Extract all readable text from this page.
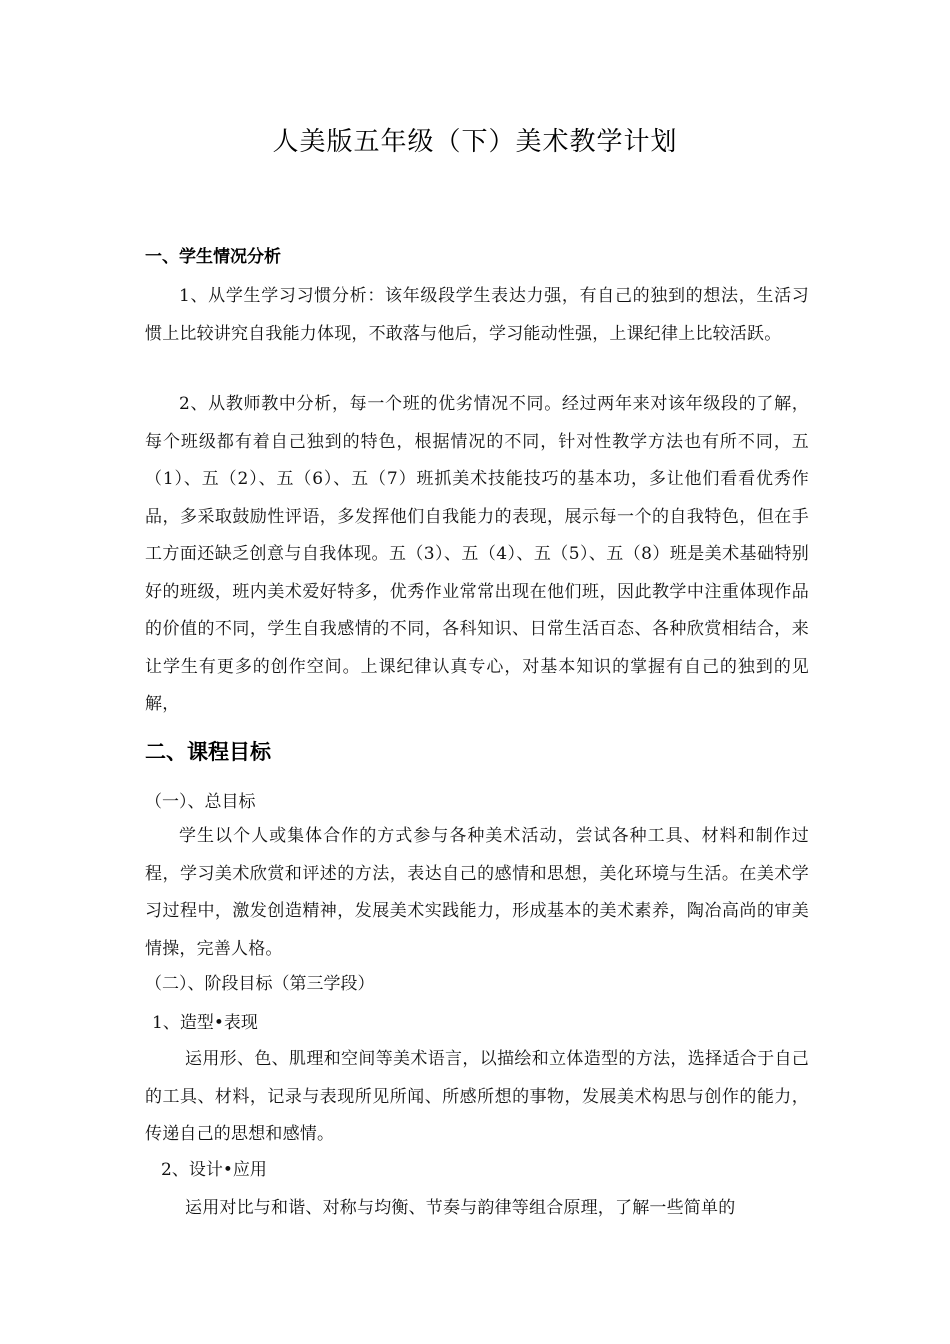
人美版五年级（下）美术教学计划
一、学生情况分析
1、从学生学习习惯分析：该年级段学生表达力强，有自己的独到的想法，生活习惯上比较讲究自我能力体现，不敢落与他后，学习能动性强，上课纪律上比较活跃。
2、从教师教中分析，每一个班的优劣情况不同。经过两年来对该年级段的了解，每个班级都有着自己独到的特色，根据情况的不同，针对性教学方法也有所不同，五（1）、五（2）、五（6）、五（7）班抓美术技能技巧的基本功，多让他们看看优秀作品，多采取鼓励性评语，多发挥他们自我能力的表现，展示每一个的自我特色，但在手工方面还缺乏创意与自我体现。五（3）、五（4）、五（5）、五（8）班是美术基础特别好的班级，班内美术爱好特多，优秀作业常常出现在他们班，因此教学中注重体现作品的价值的不同，学生自我感情的不同，各科知识、日常生活百态、各种欣赏相结合，来让学生有更多的创作空间。上课纪律认真专心，对基本知识的掌握有自己的独到的见解，
二、课程目标
（一）、总目标
学生以个人或集体合作的方式参与各种美术活动，尝试各种工具、材料和制作过程，学习美术欣赏和评述的方法，表达自己的感情和思想，美化环境与生活。在美术学习过程中，激发创造精神，发展美术实践能力，形成基本的美术素养，陶冶高尚的审美情操，完善人格。
（二）、阶段目标（第三学段）
1、造型•表现
运用形、色、肌理和空间等美术语言，以描绘和立体造型的方法，选择适合于自己的工具、材料，记录与表现所见所闻、所感所想的事物，发展美术构思与创作的能力，传递自己的思想和感情。
2、设计•应用
运用对比与和谐、对称与均衡、节奏与韵律等组合原理，了解一些简单的
